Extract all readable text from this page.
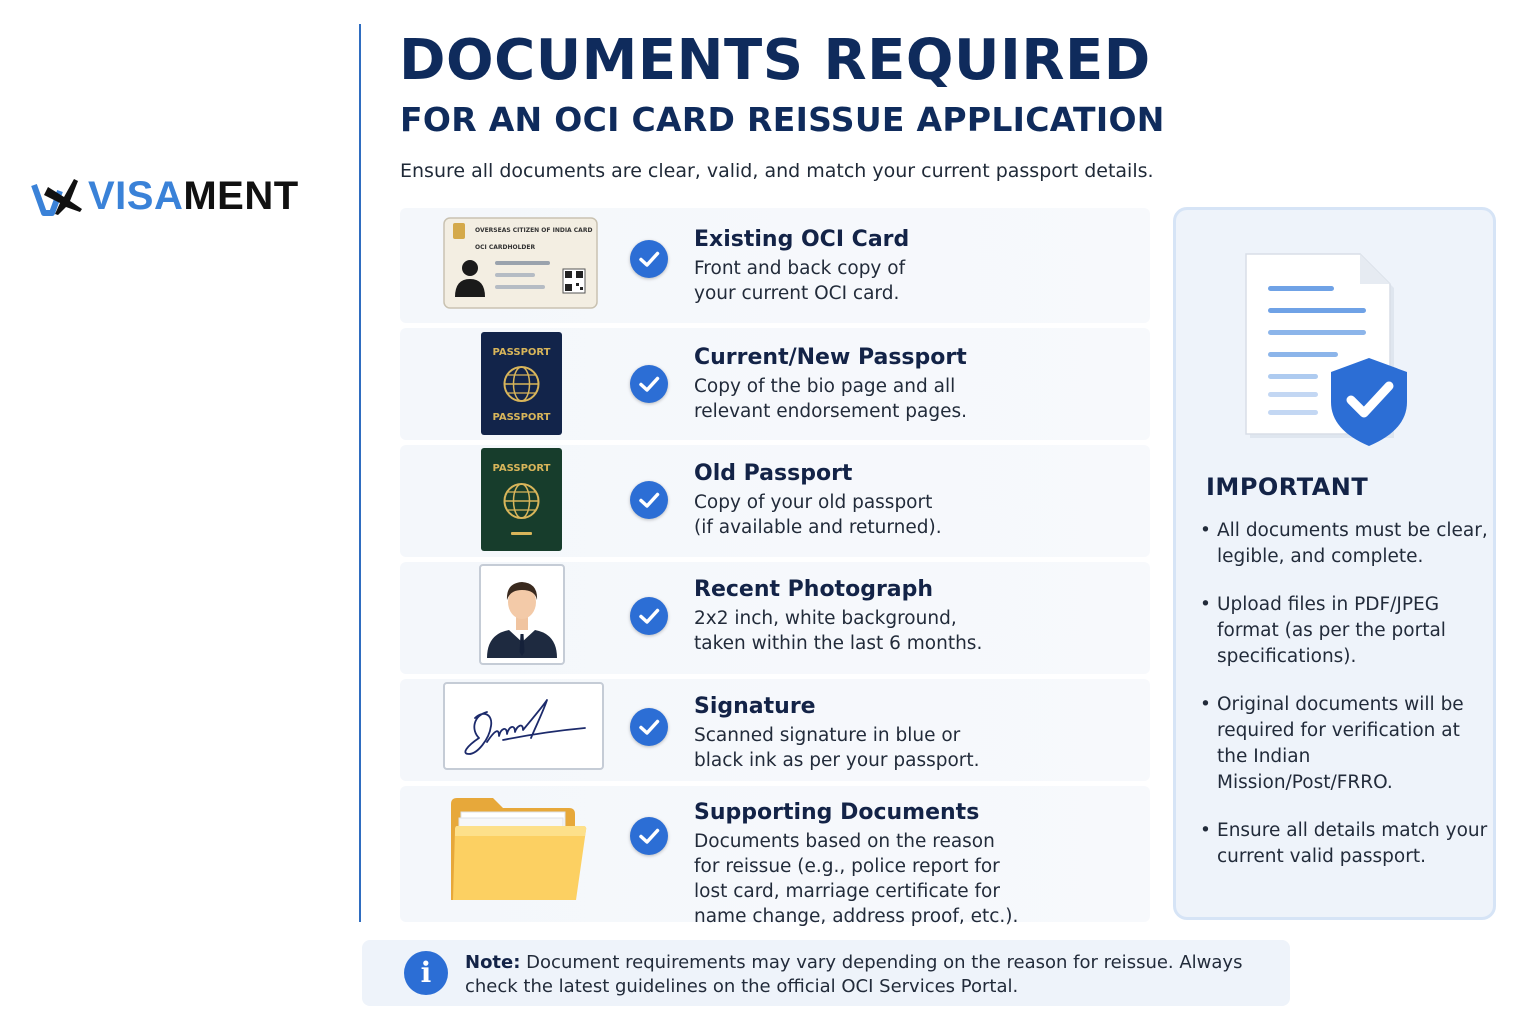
VISAMENT
DOCUMENTS REQUIRED
FOR AN OCI CARD REISSUE APPLICATION
Ensure all documents are clear, valid, and match your current passport details.
OVERSEAS CITIZEN OF INDIA CARD
OCI CARDHOLDER	Existing OCI Card
Front and back copy of
your current OCI card.
PASSPORT
PASSPORT
Current/New Passport
Copy of the bio page and all
relevant endorsement pages.
PASSPORT	Old Passport
Copy of your old passport
(if available and returned).
Recent Photograph
2x2 inch, white background,
taken within the last 6 months.
Signature
Scanned signature in blue or
black ink as per your passport.
Supporting Documents
Documents based on the reason
for reissue (e.g., police report for
lost card, marriage certificate for
name change, address proof, etc.).
IMPORTANT
• All documents must be clear, legible, and complete.
• Upload files in PDF/JPEG format (as per the portal specifications).
• Original documents will be required for verification at the Indian Mission/Post/FRRO.
• Ensure all details match your current valid passport.
i	Note: Document requirements may vary depending on the reason for reissue. Always check the latest guidelines on the official OCI Services Portal.
